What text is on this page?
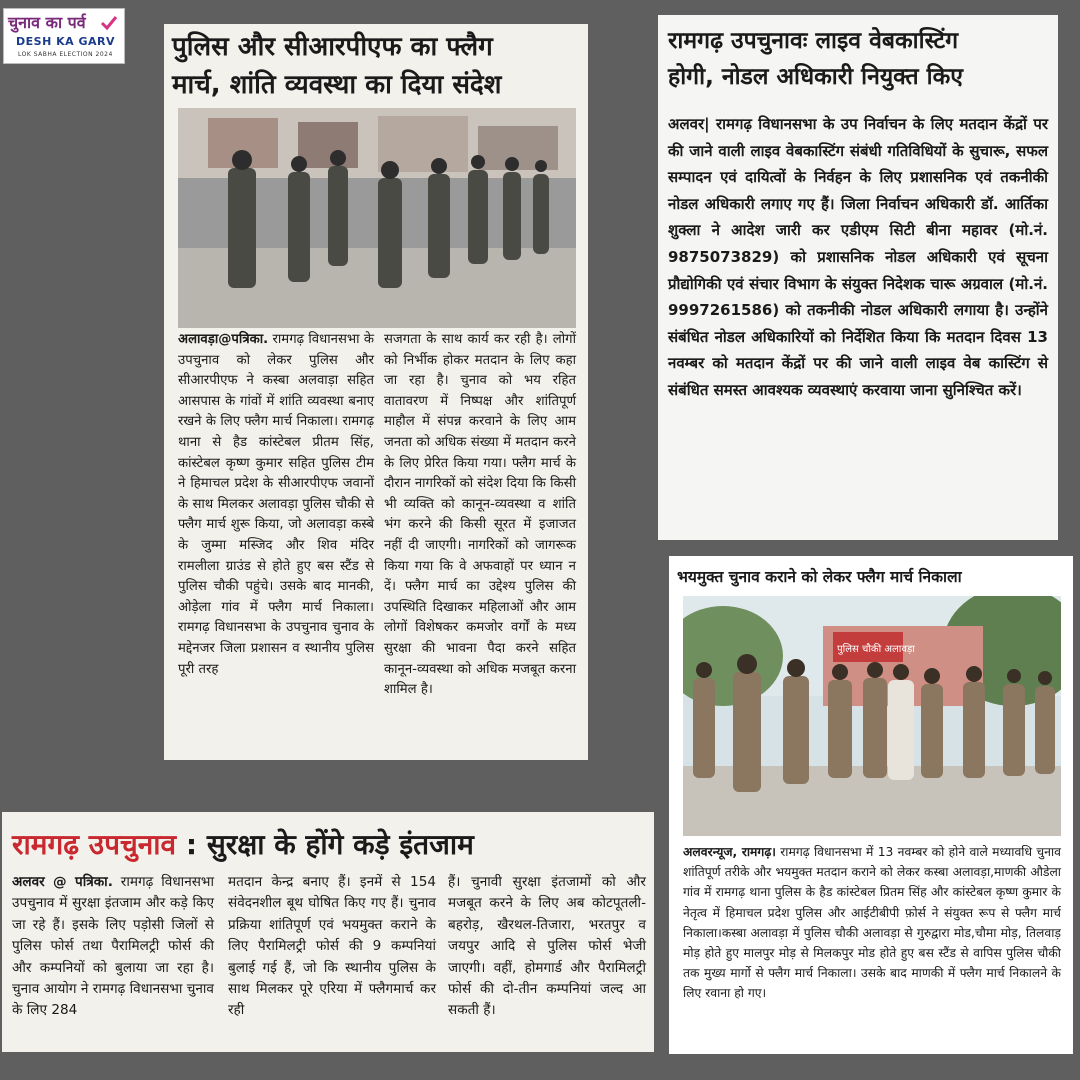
चुनाव का पर्व
DESH KA GARV
LOK SABHA ELECTION 2024 पुलिस और सीआरपीएफ का फ्लैग
मार्च, शांति व्यवस्था का दिया संदेश
अलावड़ा@पत्रिका. रामगढ़ विधानसभा के उपचुनाव को लेकर पुलिस और सीआरपीएफ ने कस्बा अलवाड़ा सहित आसपास के गांवों में शांति व्यवस्था बनाए रखने के लिए फ्लैग मार्च निकाला। रामगढ़ थाना से हैड कांस्टेबल प्रीतम सिंह, कांस्टेबल कृष्ण कुमार सहित पुलिस टीम ने हिमाचल प्रदेश के सीआरपीएफ जवानों के साथ मिलकर अलावड़ा पुलिस चौकी से फ्लैग मार्च शुरू किया, जो अलावड़ा कस्बे के जुम्मा मस्जिद और शिव मंदिर रामलीला ग्राउंड से होते हुए बस स्टैंड से पुलिस चौकी पहुंचे। उसके बाद मानकी, ओड़ेला गांव में फ्लैग मार्च निकाला। रामगढ़ विधानसभा के उपचुनाव चुनाव के मद्देनजर जिला प्रशासन व स्थानीय पुलिस पूरी तरह
सजगता के साथ कार्य कर रही है। लोगों को निर्भीक होकर मतदान के लिए कहा जा रहा है। चुनाव को भय रहित वातावरण में निष्पक्ष और शांतिपूर्ण माहौल में संपन्न करवाने के लिए आम जनता को अधिक संख्या में मतदान करने के लिए प्रेरित किया गया। फ्लैग मार्च के दौरान नागरिकों को संदेश दिया कि किसी भी व्यक्ति को कानून-व्यवस्था व शांति भंग करने की किसी सूरत में इजाजत नहीं दी जाएगी। नागरिकों को जागरूक किया गया कि वे अफवाहों पर ध्यान न दें। फ्लैग मार्च का उद्देश्य पुलिस की उपस्थिति दिखाकर महिलाओं और आम लोगों विशेषकर कमजोर वर्गों के मध्य सुरक्षा की भावना पैदा करने सहित कानून-व्यवस्था को अधिक मजबूत करना शामिल है।
रामगढ़ उपचुनावः लाइव वेबकास्टिंग
होगी, नोडल अधिकारी नियुक्त किए
अलवर| रामगढ़ विधानसभा के उप निर्वाचन के लिए मतदान केंद्रों पर की जाने वाली लाइव वेबकास्टिंग संबंधी गतिविधियों के सुचारू, सफल सम्पादन एवं दायित्वों के निर्वहन के लिए प्रशासनिक एवं तकनीकी नोडल अधिकारी लगाए गए हैं। जिला निर्वाचन अधिकारी डॉ. आर्तिका शुक्ला ने आदेश जारी कर एडीएम सिटी बीना महावर (मो.नं. 9875073829) को प्रशासनिक नोडल अधिकारी एवं सूचना प्रौद्योगिकी एवं संचार विभाग के संयुक्त निदेशक चारू अग्रवाल (मो.नं. 9997261586) को तकनीकी नोडल अधिकारी लगाया है। उन्होंने संबंधित नोडल अधिकारियों को निर्देशित किया कि मतदान दिवस 13 नवम्बर को मतदान केंद्रों पर की जाने वाली लाइव वेब कास्टिंग से संबंधित समस्त आवश्यक व्यवस्थाएं करवाया जाना सुनिश्चित करें।
भयमुक्त चुनाव कराने को लेकर फ्लैग मार्च निकाला
पुलिस चौकी अलावड़ा
अलवरन्यूज, रामगढ़। रामगढ़ विधानसभा में 13 नवम्बर को होने वाले मध्यावधि चुनाव शांतिपूर्ण तरीके और भयमुक्त मतदान कराने को लेकर कस्बा अलावड़ा,माणकी औडेला गांव में रामगढ़ थाना पुलिस के हैड कांस्टेबल प्रितम सिंह और कांस्टेबल कृष्ण कुमार के नेतृत्व में हिमाचल प्रदेश पुलिस और आईटीबीपी फ़ोर्स ने संयुक्त रूप से फ्लैग मार्च निकाला।कस्बा अलावड़ा में पुलिस चौकी अलावड़ा से गुरुद्वारा मोड,चौमा मोड़, तिलवाड़ मोड़ होते हुए मालपुर मोड़ से मिलकपुर मोड होते हुए बस स्टैंड से वापिस पुलिस चौकी तक मुख्य मार्गो से फ्लैग मार्च निकाला। उसके बाद माणकी में फ्लैग मार्च निकालने के लिए रवाना हो गए।
रामगढ़ उपचुनाव : सुरक्षा के होंगे कड़े इंतजाम
अलवर @ पत्रिका. रामगढ़ विधानसभा उपचुनाव में सुरक्षा इंतजाम और कड़े किए जा रहे हैं। इसके लिए पड़ोसी जिलों से पुलिस फोर्स तथा पैरामिलट्री फोर्स की और कम्पनियों को बुलाया जा रहा है। चुनाव आयोग ने रामगढ़ विधानसभा चुनाव के लिए 284
मतदान केन्द्र बनाए हैं। इनमें से 154 संवेदनशील बूथ घोषित किए गए हैं। चुनाव प्रक्रिया शांतिपूर्ण एवं भयमुक्त कराने के लिए पैरामिलट्री फोर्स की 9 कम्पनियां बुलाई गई हैं, जो कि स्थानीय पुलिस के साथ मिलकर पूरे एरिया में फ्लैगमार्च कर रही
हैं। चुनावी सुरक्षा इंतजामों को और मजबूत करने के लिए अब कोटपूतली-बहरोड़, खैरथल-तिजारा, भरतपुर व जयपुर आदि से पुलिस फोर्स भेजी जाएगी। वहीं, होमगार्ड और पैरामिलट्री फोर्स की दो-तीन कम्पनियां जल्द आ सकती हैं।
